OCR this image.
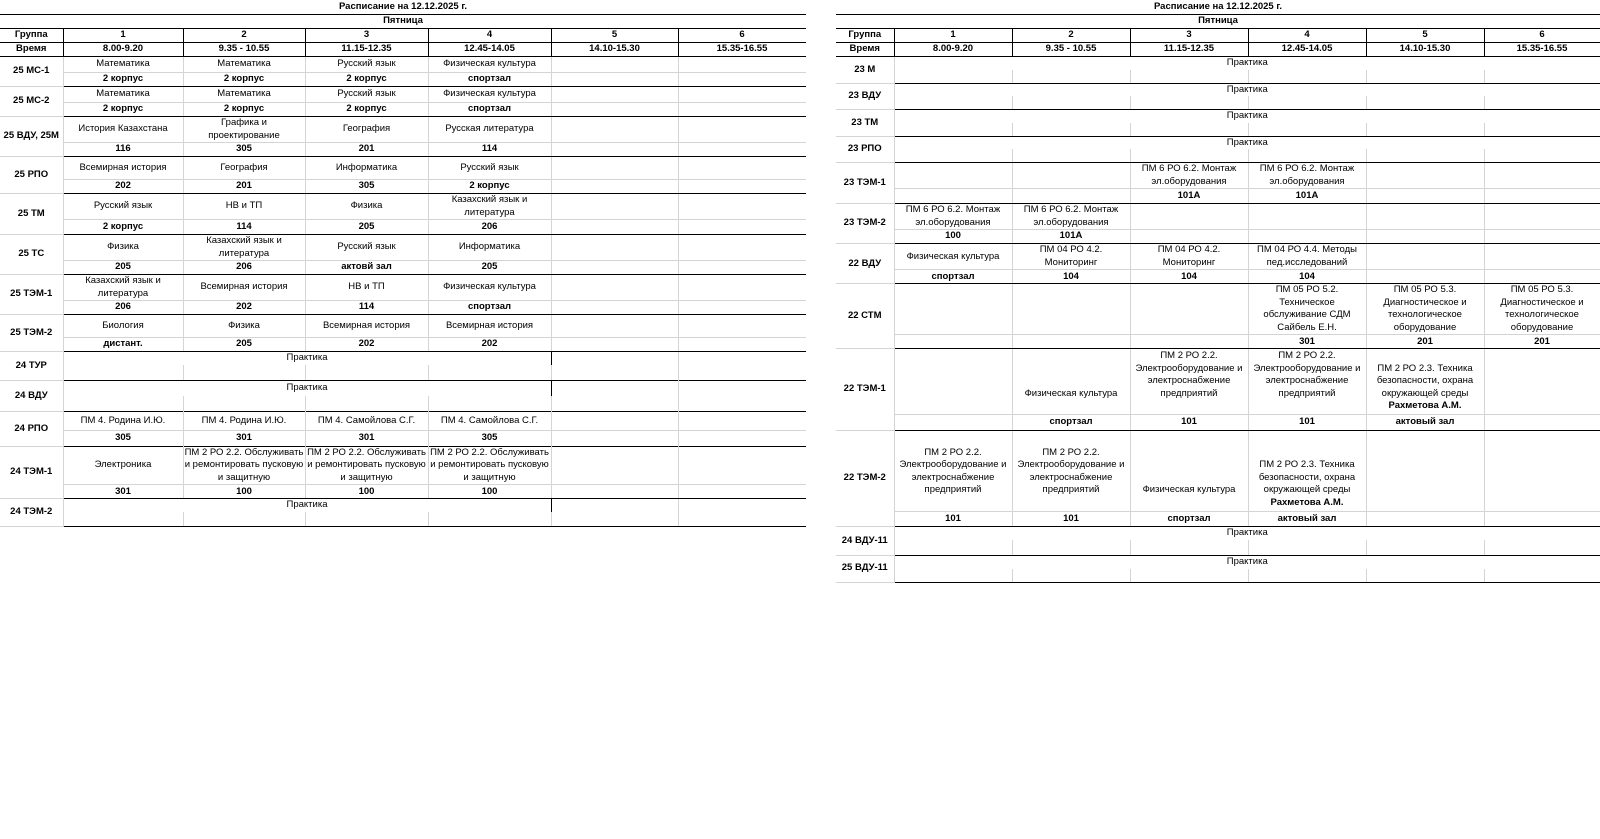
Расписание на 12.12.2025 г.						
Пятница						
Группа	1	2	3	4	5	6
Время	8.00-9.20	9.35 - 10.55	11.15-12.35	12.45-14.05	14.10-15.30	15.35-16.55
25 МС-1	Математика	Математика	Русский язык	Физическая культура		

	2 корпус	2 корпус	2 корпус	спортзал		
25 МС-2	Математика	Математика	Русский язык	Физическая культура		

	2 корпус	2 корпус	2 корпус	спортзал		
25 ВДУ, 25М	История Казахстана	Графика и проектирование	География	Русская литература		

	116	305	201	114		
25 РПО	Всемирная история	География	Информатика	Русский язык		

	202	201	305	2 корпус		
25 ТМ	Русский язык	НВ и ТП	Физика	Казахский язык и литература		

	2 корпус	114	205	206		
25 ТС	Физика	Казахский язык и литература	Русский язык	Информатика		

	205	206	актовй зал	205		
25 ТЭМ-1	Казахский язык и литература	Всемирная история	НВ и ТП	Физическая культура		

	206	202	114	спортзал		
25 ТЭМ-2	Биология	Физика	Всемирная история	Всемирная история		

	дистант.	205	202	202		
24 ТУР	Практика					

24 ВДУ	Практика					

24 РПО	ПМ 4. Родина И.Ю.	ПМ 4. Родина И.Ю.	ПМ 4. Самойлова С.Г.	ПМ 4. Самойлова С.Г.		

	305	301	301	305		
24 ТЭМ-1	Электроника	ПМ 2 РО 2.2. Обслуживать и ремонтировать пусковую и защитную	ПМ 2 РО 2.2. Обслуживать и ремонтировать пусковую и защитную	ПМ 2 РО 2.2. Обслуживать и ремонтировать пусковую и защитную		

	301	100	100	100		
24 ТЭМ-2	Практика					

Расписание на 12.12.2025 г.						
Пятница						
Группа	1	2	3	4	5	6
Время	8.00-9.20	9.35 - 10.55	11.15-12.35	12.45-14.05	14.10-15.30	15.35-16.55
23 М	Практика					

23 ВДУ	Практика					

23 ТМ	Практика					

23 РПО	Практика					

23 ТЭМ-1			ПМ 6 РО 6.2. Монтаж эл.оборудования	ПМ 6 РО 6.2. Монтаж эл.оборудования		

			101А	101А		
23 ТЭМ-2	ПМ 6 РО 6.2. Монтаж эл.оборудования	ПМ 6 РО 6.2. Монтаж эл.оборудования				

	100	101А				
22 ВДУ	Физическая культура	ПМ 04 РО 4.2. Мониторинг	ПМ 04 РО 4.2. Мониторинг	ПМ 04 РО 4.4. Методы пед.исследований		

	спортзал	104	104	104		
22 СТМ				ПМ 05 РО 5.2. Техническое обслуживание СДМ Сайбель Е.Н.	ПМ 05 РО 5.3. Диагностическое и технологическое оборудование	ПМ 05 РО 5.3. Диагностическое и технологическое оборудование

				301	201	201
22 ТЭМ-1		Физическая культура	ПМ 2 РО 2.2. Электрооборудование и электроснабжение предприятий	ПМ 2 РО 2.2. Электрооборудование и электроснабжение предприятий	ПМ 2 РО 2.3. Техника безопасности, охрана окружающей среды	
					Рахметова А.М.	

		спортзал	101	101	актовый зал	
22 ТЭМ-2	ПМ 2 РО 2.2. Электрооборудование и электроснабжение предприятий	ПМ 2 РО 2.2. Электрооборудование и электроснабжение предприятий	Физическая культура	ПМ 2 РО 2.3. Техника безопасности, охрана окружающей среды		
				Рахметова А.М.		

	101	101	спортзал	актовый зал		
24 ВДУ-11	Практика					

25 ВДУ-11	Практика					
